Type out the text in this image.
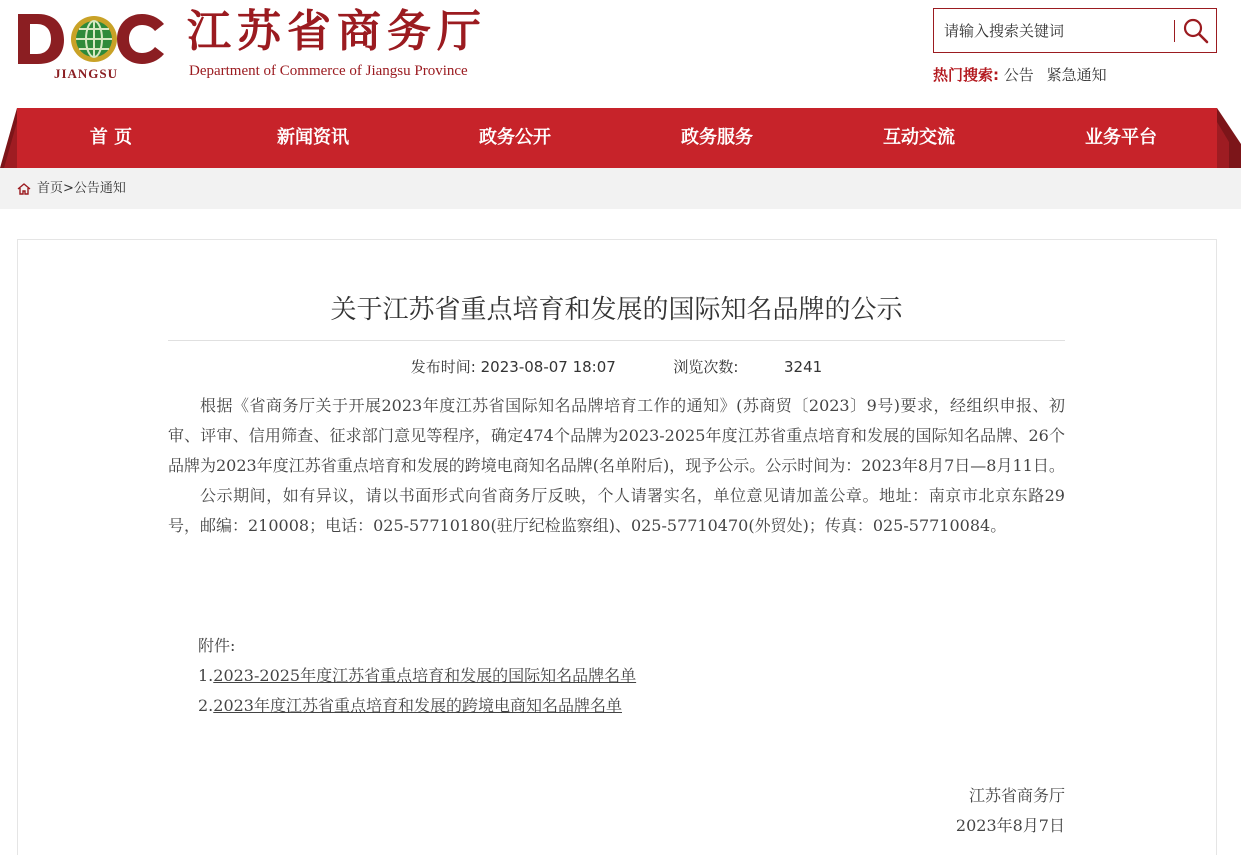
JIANGSU
江苏省商务厅
Department of Commerce of Jiangsu Province
请输入搜索关键词	热门搜索: 公告 紧急通知
首 页	新闻资讯	政务公开	政务服务	互动交流	业务平台
首页 > 公告通知
关于江苏省重点培育和发展的国际知名品牌的公示
发布时间: 2023-08-07 18:07	浏览次数:	3241

根据《省商务厅关于开展2023年度江苏省国际知名品牌培育工作的通知》(苏商贸〔2023〕9号)要求，经组织申报、初审、评审、信用筛查、征求部门意见等程序，确定474个品牌为2023-2025年度江苏省重点培育和发展的国际知名品牌、26个品牌为2023年度江苏省重点培育和发展的跨境电商知名品牌(名单附后)，现予公示。公示时间为：2023年8月7日—8月11日。

公示期间，如有异议，请以书面形式向省商务厅反映，个人请署实名，单位意见请加盖公章。地址：南京市北京东路29号，邮编：210008；电话：025-57710180(驻厅纪检监察组)、025-57710470(外贸处)；传真：025-57710084。

附件:
1.2023-2025年度江苏省重点培育和发展的国际知名品牌名单
2.2023年度江苏省重点培育和发展的跨境电商知名品牌名单
江苏省商务厅
2023年8月7日
